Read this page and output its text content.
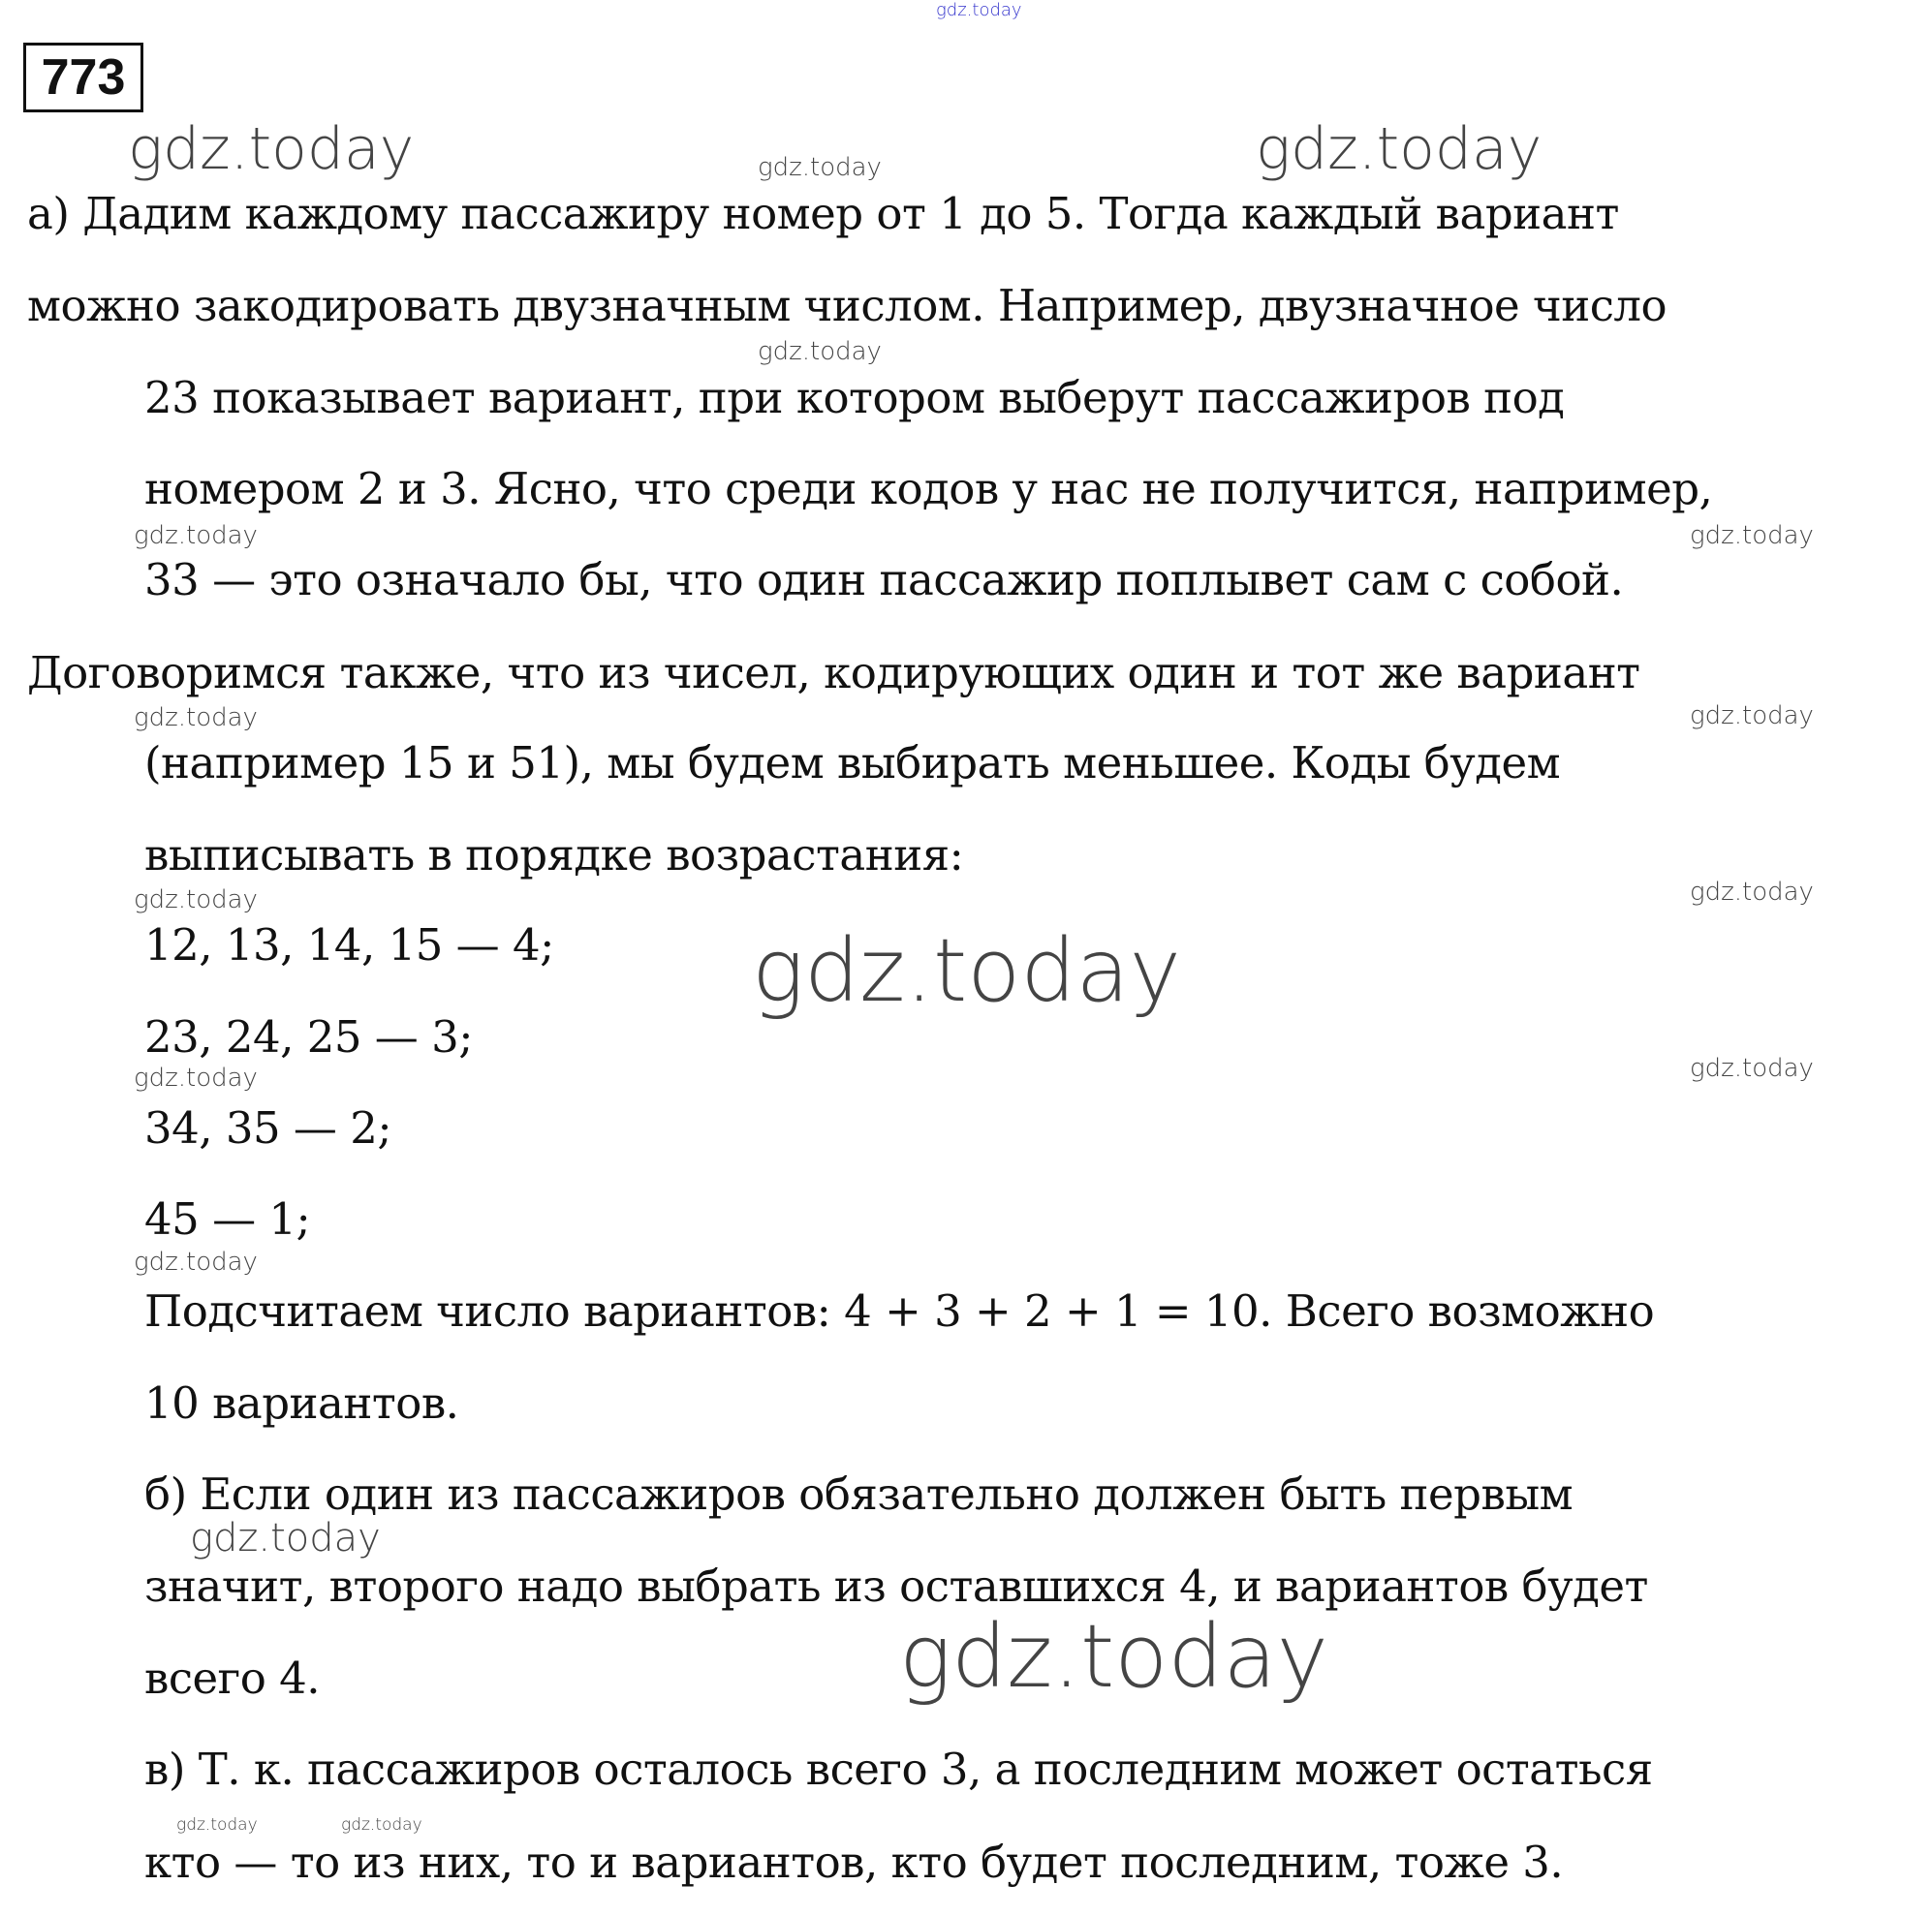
773
а) Дадим каждому пассажиру номер от 1 до 5. Тогда каждый вариант
можно закодировать двузначным числом. Например, двузначное число
23 показывает вариант, при котором выберут пассажиров под
номером 2 и 3. Ясно, что среди кодов у нас не получится, например,
33 — это означало бы, что один пассажир поплывет сам с собой.
Договоримся также, что из чисел, кодирующих один и тот же вариант
(например 15 и 51), мы будем выбирать меньшее. Коды будем
выписывать в порядке возрастания:
12, 13, 14, 15 — 4;
23, 24, 25 — 3;
34, 35 — 2;
45 — 1;
Подсчитаем число вариантов: 4 + 3 + 2 + 1 = 10. Всего возможно
10 вариантов.
б) Если один из пассажиров обязательно должен быть первым
значит, второго надо выбрать из оставшихся 4, и вариантов будет
всего 4.
в) Т. к. пассажиров осталось всего 3, а последним может остаться
кто — то из них, то и вариантов, кто будет последним, тоже 3.
gdz.today
gdz.today	gdz.today
gdz.today
gdz.today
gdz.today	gdz.today
gdz.today	gdz.today
gdz.today	gdz.today
gdz.today
gdz.today	gdz.today
gdz.today
gdz.today
gdz.today
gdz.today	gdz.today
